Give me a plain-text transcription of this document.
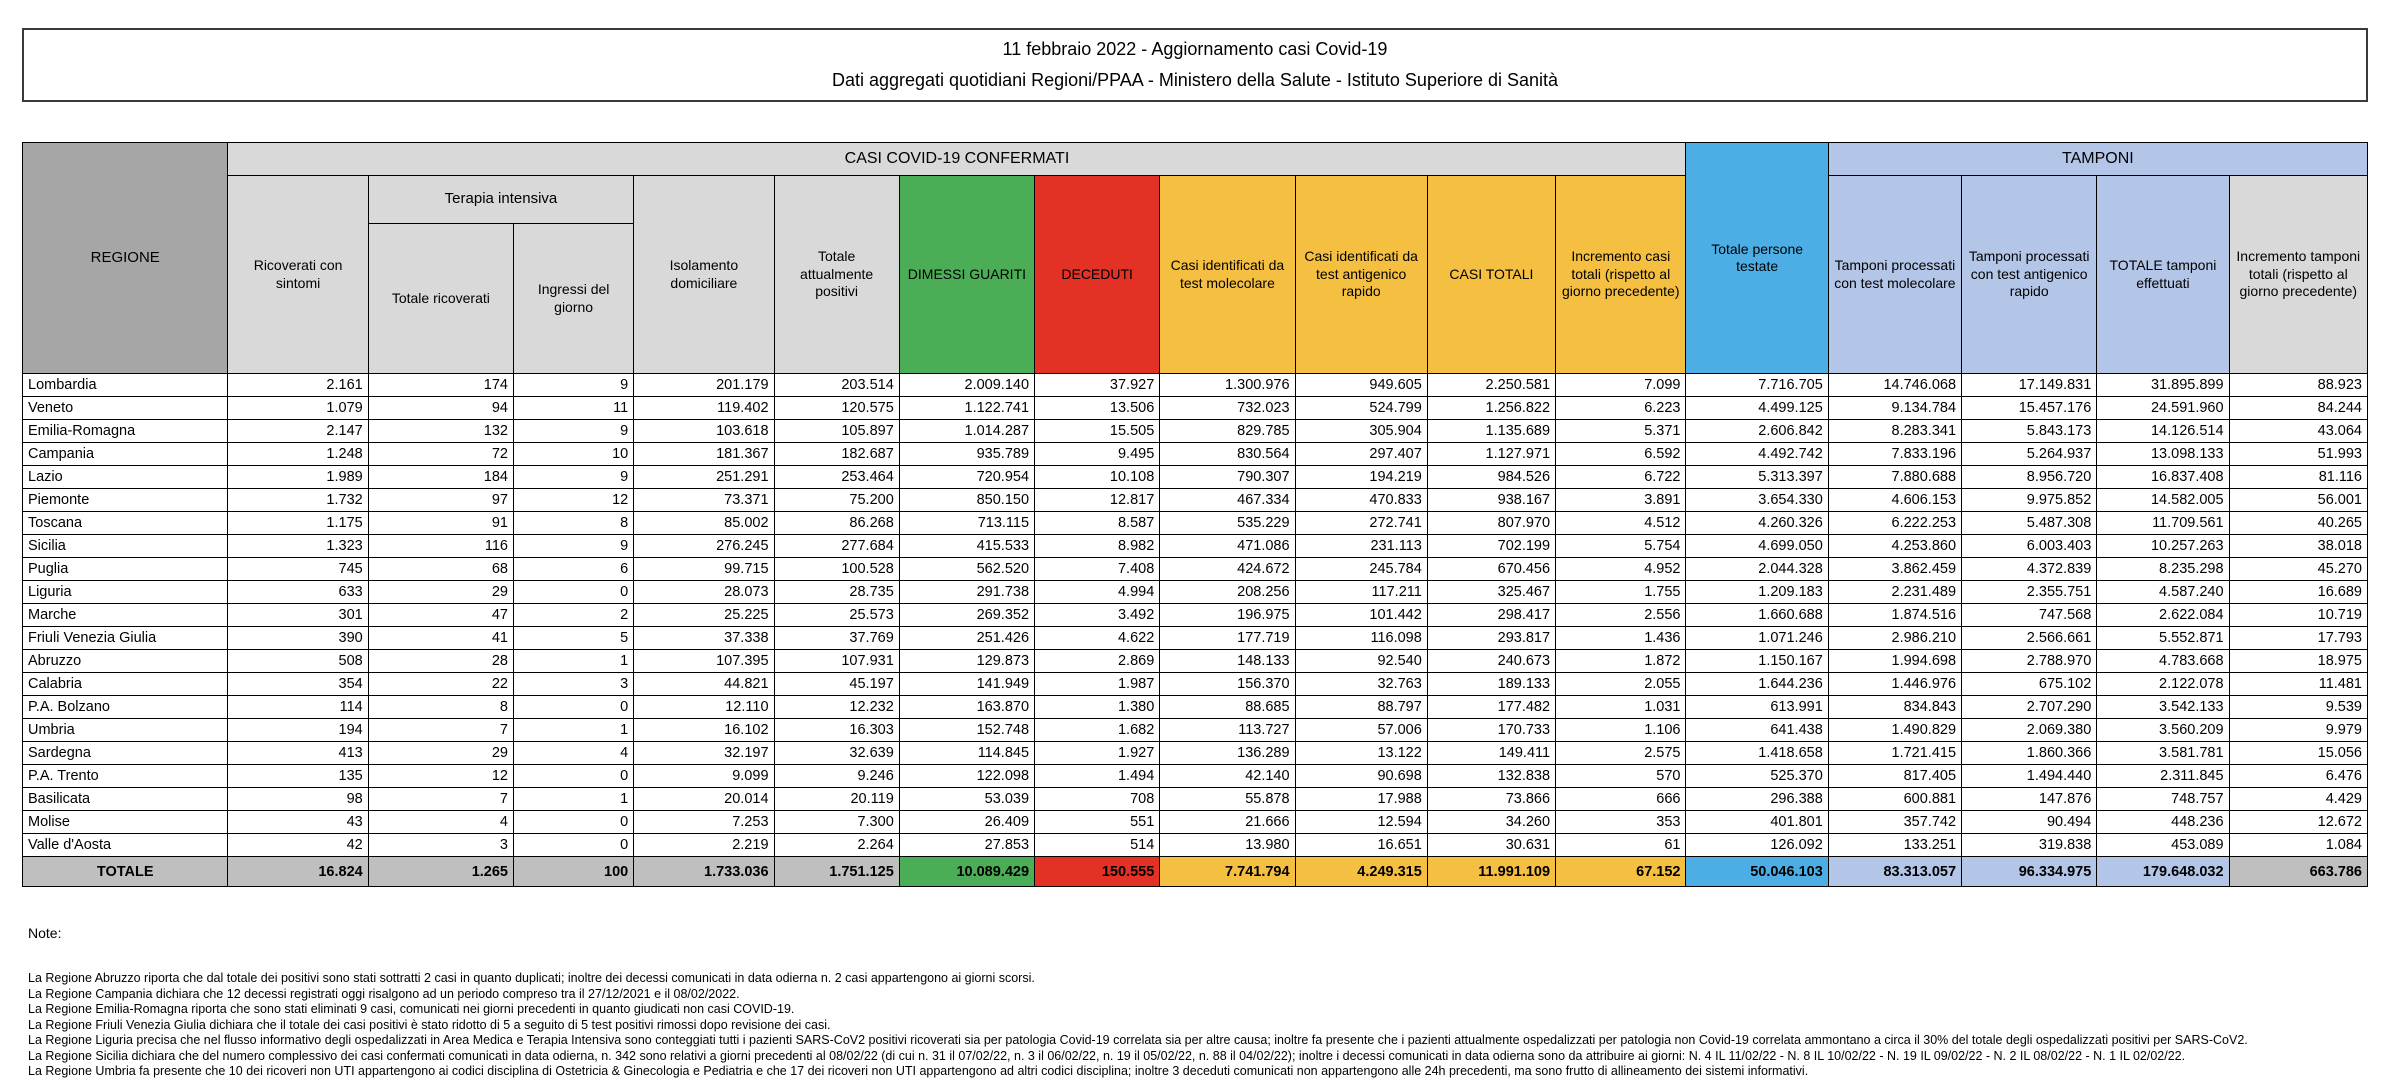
11 febbraio 2022 - Aggiornamento casi Covid-19
Dati aggregati quotidiani Regioni/PPAA - Ministero della Salute - Istituto Superiore di Sanità
REGIONE	CASI COVID-19 CONFERMATI											Totale persone testate	TAMPONI			
	Ricoverati con sintomi	Terapia intensiva		Isolamento domiciliare	Totale attualmente positivi	DIMESSI GUARITI	DECEDUTI	Casi identificati da test molecolare	Casi identificati da test antigenico rapido	CASI TOTALI	Incremento casi totali (rispetto al giorno precedente)		Tamponi processati con test molecolare	Tamponi processati con test antigenico rapido	TOTALE tamponi effettuati	Incremento tamponi totali (rispetto al giorno precedente)
		Totale ricoverati	Ingressi del giorno													
Lombardia	2.161	174	9	201.179	203.514	2.009.140	37.927	1.300.976	949.605	2.250.581	7.099	7.716.705	14.746.068	17.149.831	31.895.899	88.923
Veneto	1.079	94	11	119.402	120.575	1.122.741	13.506	732.023	524.799	1.256.822	6.223	4.499.125	9.134.784	15.457.176	24.591.960	84.244
Emilia-Romagna	2.147	132	9	103.618	105.897	1.014.287	15.505	829.785	305.904	1.135.689	5.371	2.606.842	8.283.341	5.843.173	14.126.514	43.064
Campania	1.248	72	10	181.367	182.687	935.789	9.495	830.564	297.407	1.127.971	6.592	4.492.742	7.833.196	5.264.937	13.098.133	51.993
Lazio	1.989	184	9	251.291	253.464	720.954	10.108	790.307	194.219	984.526	6.722	5.313.397	7.880.688	8.956.720	16.837.408	81.116
Piemonte	1.732	97	12	73.371	75.200	850.150	12.817	467.334	470.833	938.167	3.891	3.654.330	4.606.153	9.975.852	14.582.005	56.001
Toscana	1.175	91	8	85.002	86.268	713.115	8.587	535.229	272.741	807.970	4.512	4.260.326	6.222.253	5.487.308	11.709.561	40.265
Sicilia	1.323	116	9	276.245	277.684	415.533	8.982	471.086	231.113	702.199	5.754	4.699.050	4.253.860	6.003.403	10.257.263	38.018
Puglia	745	68	6	99.715	100.528	562.520	7.408	424.672	245.784	670.456	4.952	2.044.328	3.862.459	4.372.839	8.235.298	45.270
Liguria	633	29	0	28.073	28.735	291.738	4.994	208.256	117.211	325.467	1.755	1.209.183	2.231.489	2.355.751	4.587.240	16.689
Marche	301	47	2	25.225	25.573	269.352	3.492	196.975	101.442	298.417	2.556	1.660.688	1.874.516	747.568	2.622.084	10.719
Friuli Venezia Giulia	390	41	5	37.338	37.769	251.426	4.622	177.719	116.098	293.817	1.436	1.071.246	2.986.210	2.566.661	5.552.871	17.793
Abruzzo	508	28	1	107.395	107.931	129.873	2.869	148.133	92.540	240.673	1.872	1.150.167	1.994.698	2.788.970	4.783.668	18.975
Calabria	354	22	3	44.821	45.197	141.949	1.987	156.370	32.763	189.133	2.055	1.644.236	1.446.976	675.102	2.122.078	11.481
P.A. Bolzano	114	8	0	12.110	12.232	163.870	1.380	88.685	88.797	177.482	1.031	613.991	834.843	2.707.290	3.542.133	9.539
Umbria	194	7	1	16.102	16.303	152.748	1.682	113.727	57.006	170.733	1.106	641.438	1.490.829	2.069.380	3.560.209	9.979
Sardegna	413	29	4	32.197	32.639	114.845	1.927	136.289	13.122	149.411	2.575	1.418.658	1.721.415	1.860.366	3.581.781	15.056
P.A. Trento	135	12	0	9.099	9.246	122.098	1.494	42.140	90.698	132.838	570	525.370	817.405	1.494.440	2.311.845	6.476
Basilicata	98	7	1	20.014	20.119	53.039	708	55.878	17.988	73.866	666	296.388	600.881	147.876	748.757	4.429
Molise	43	4	0	7.253	7.300	26.409	551	21.666	12.594	34.260	353	401.801	357.742	90.494	448.236	12.672
Valle d'Aosta	42	3	0	2.219	2.264	27.853	514	13.980	16.651	30.631	61	126.092	133.251	319.838	453.089	1.084
TOTALE	16.824	1.265	100	1.733.036	1.751.125	10.089.429	150.555	7.741.794	4.249.315	11.991.109	67.152	50.046.103	83.313.057	96.334.975	179.648.032	663.786
Note:
La Regione Abruzzo riporta che dal totale dei positivi sono stati sottratti 2 casi in quanto duplicati; inoltre dei decessi comunicati in data odierna n. 2 casi appartengono ai giorni scorsi.
La Regione Campania dichiara che 12 decessi registrati oggi risalgono ad un periodo compreso tra il 27/12/2021 e il 08/02/2022.
La Regione Emilia-Romagna riporta che sono stati eliminati 9 casi, comunicati nei giorni precedenti in quanto giudicati non casi COVID-19.
La Regione Friuli Venezia Giulia dichiara che il totale dei casi positivi è stato ridotto di 5 a seguito di 5 test positivi rimossi dopo revisione dei casi.
La Regione Liguria precisa che nel flusso informativo degli ospedalizzati in Area Medica e Terapia Intensiva sono conteggiati tutti i pazienti SARS-CoV2 positivi ricoverati sia per patologia Covid-19 correlata sia per altre causa; inoltre fa presente che i pazienti attualmente ospedalizzati per patologia non Covid-19 correlata ammontano a circa il 30% del totale degli ospedalizzati positivi per SARS-CoV2.
La Regione Sicilia dichiara che del numero complessivo dei casi confermati comunicati in data odierna, n. 342 sono relativi a giorni precedenti al 08/02/22 (di cui n. 31 il 07/02/22, n. 3 il 06/02/22, n. 19 il 05/02/22, n. 88 il 04/02/22); inoltre i decessi comunicati in data odierna sono da attribuire ai giorni: N. 4 IL 11/02/22 - N. 8 IL 10/02/22 - N. 19 IL 09/02/22 - N. 2 IL 08/02/22 - N. 1 IL 02/02/22.
La Regione Umbria fa presente che 10 dei ricoveri non UTI appartengono ai codici disciplina di Ostetricia & Ginecologia e Pediatria e che 17 dei ricoveri non UTI appartengono ad altri codici disciplina; inoltre 3 deceduti comunicati non appartengono alle 24h precedenti, ma sono frutto di allineamento dei sistemi informativi.
